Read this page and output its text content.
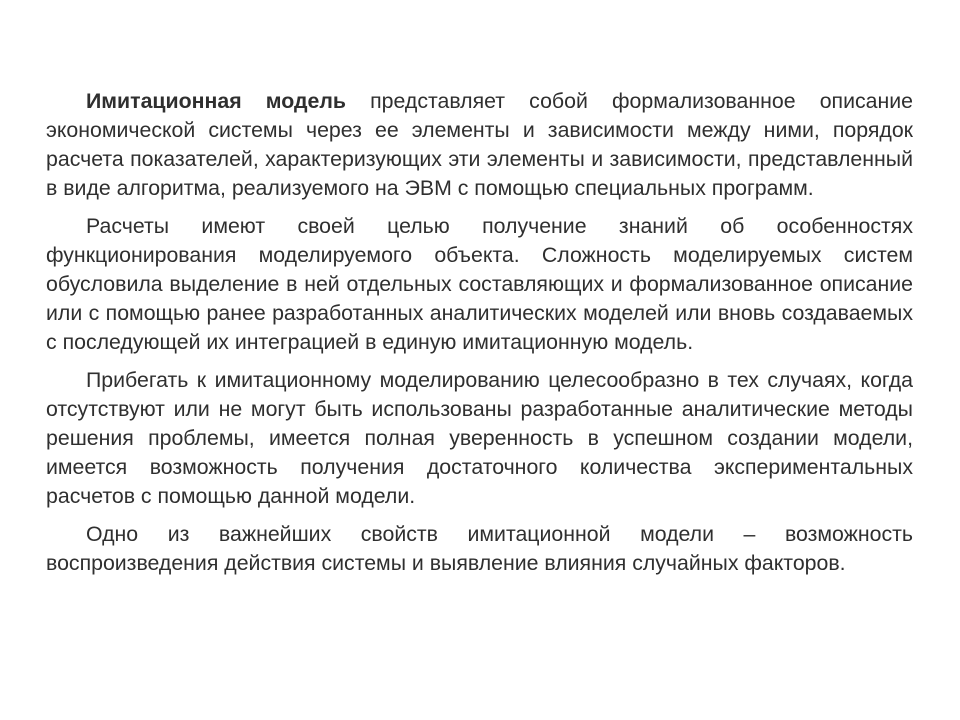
Имитационная модель представляет собой формализованное описание экономической системы через ее элементы и зависимости между ними, порядок расчета показателей, характеризующих эти элементы и зависимости, представленный в виде алгоритма, реализуемого на ЭВМ с помощью специальных программ.

Расчеты имеют своей целью получение знаний об особенностях функционирования моделируемого объекта. Сложность моделируемых систем обусловила выделение в ней отдельных составляющих и формализованное описание или с помощью ранее разработанных аналитических моделей или вновь создаваемых с последующей их интеграцией в единую имитационную модель.

Прибегать к имитационному моделированию целесообразно в тех случаях, когда отсутствуют или не могут быть использованы разработанные аналитические методы решения проблемы, имеется полная уверенность в успешном создании модели, имеется возможность получения достаточного количества экспериментальных расчетов с помощью данной модели.

Одно из важнейших свойств имитационной модели – возможность воспроизведения действия системы и выявление влияния случайных факторов.
